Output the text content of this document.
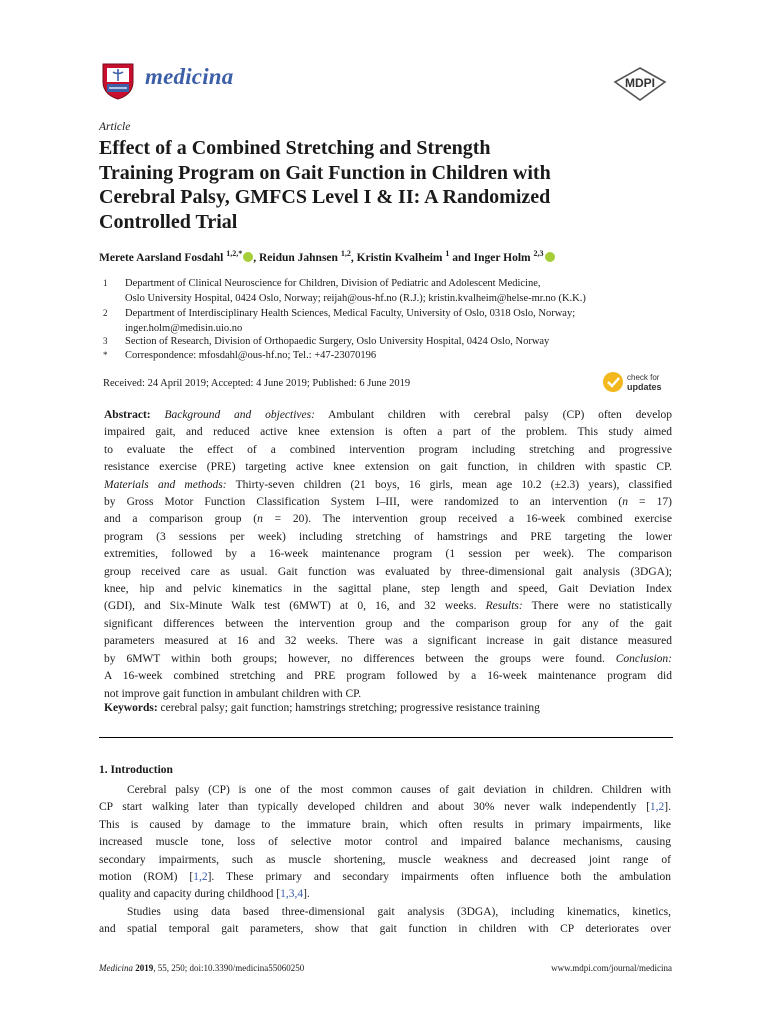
medicina	MDPI
Article
Effect of a Combined Stretching and Strength
Training Program on Gait Function in Children with
Cerebral Palsy, GMFCS Level I & II: A Randomized
Controlled Trial
Merete Aarsland Fosdahl $^{1,2,*}$ , Reidun Jahnsen $^{1,2}$, Kristin Kvalheim $^1$ and Inger Holm $^{2,3}$
1 Department of Clinical Neuroscience for Children, Division of Pediatric and Adolescent Medicine,
Oslo University Hospital, 0424 Oslo, Norway; reijah@ous-hf.no (R.J.); kristin.kvalheim@helse-mr.no (K.K.)
2 Department of Interdisciplinary Health Sciences, Medical Faculty, University of Oslo, 0318 Oslo, Norway;
inger.holm@medisin.uio.no
3 Section of Research, Division of Orthopaedic Surgery, Oslo University Hospital, 0424 Oslo, Norway
* Correspondence: mfosdahl@ous-hf.no; Tel.: +47-23070196
Received: 24 April 2019; Accepted: 4 June 2019; Published: 6 June 2019
check for
updates
Abstract: Background and objectives: Ambulant children with cerebral palsy (CP) often develop
impaired gait, and reduced active knee extension is often a part of the problem. This study aimed
to evaluate the effect of a combined intervention program including stretching and progressive
resistance exercise (PRE) targeting active knee extension on gait function, in children with spastic CP.
Materials and methods: Thirty-seven children (21 boys, 16 girls, mean age 10.2 (±2.3) years), classified
by Gross Motor Function Classification System I–III, were randomized to an intervention (n = 17)
and a comparison group (n = 20). The intervention group received a 16-week combined exercise
program (3 sessions per week) including stretching of hamstrings and PRE targeting the lower
extremities, followed by a 16-week maintenance program (1 session per week). The comparison
group received care as usual. Gait function was evaluated by three-dimensional gait analysis (3DGA);
knee, hip and pelvic kinematics in the sagittal plane, step length and speed, Gait Deviation Index
(GDI), and Six-Minute Walk test (6MWT) at 0, 16, and 32 weeks. Results: There were no statistically
significant differences between the intervention group and the comparison group for any of the gait
parameters measured at 16 and 32 weeks. There was a significant increase in gait distance measured
by 6MWT within both groups; however, no differences between the groups were found. Conclusion:
A 16-week combined stretching and PRE program followed by a 16-week maintenance program did
not improve gait function in ambulant children with CP.
Keywords: cerebral palsy; gait function; hamstrings stretching; progressive resistance training
1. Introduction
Cerebral palsy (CP) is one of the most common causes of gait deviation in children. Children with
CP start walking later than typically developed children and about 30% never walk independently [1,2].
This is caused by damage to the immature brain, which often results in primary impairments, like
increased muscle tone, loss of selective motor control and impaired balance mechanisms, causing
secondary impairments, such as muscle shortening, muscle weakness and decreased joint range of
motion (ROM) [1,2]. These primary and secondary impairments often influence both the ambulation
quality and capacity during childhood [1,3,4].
Studies using data based three-dimensional gait analysis (3DGA), including kinematics, kinetics,
and spatial temporal gait parameters, show that gait function in children with CP deteriorates over
Medicina 2019, 55, 250; doi:10.3390/medicina55060250	www.mdpi.com/journal/medicina
